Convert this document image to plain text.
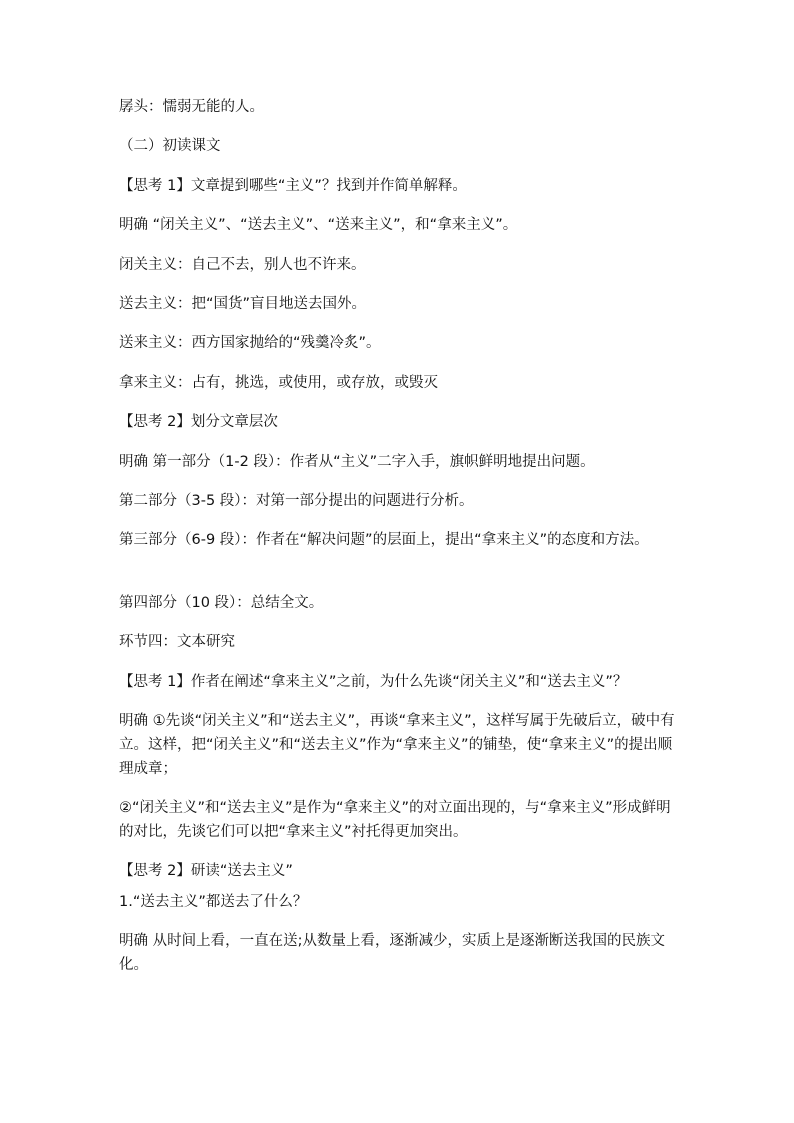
孱头：懦弱无能的人。

（二）初读课文

【思考 1】文章提到哪些“主义”？找到并作简单解释。

明确 “闭关主义”、“送去主义”、“送来主义”，和“拿来主义”。

闭关主义：自己不去，别人也不许来。

送去主义：把“国货”盲目地送去国外。

送来主义：西方国家抛给的“残羹冷炙”。

拿来主义：占有，挑选，或使用，或存放，或毁灭

【思考 2】划分文章层次

明确 第一部分（1-2 段）：作者从“主义”二字入手，旗帜鲜明地提出问题。

第二部分（3-5 段）：对第一部分提出的问题进行分析。

第三部分（6-9 段）：作者在“解决问题”的层面上，提出“拿来主义”的态度和方法。

第四部分（10 段）：总结全文。

环节四：文本研究

【思考 1】作者在阐述“拿来主义”之前，为什么先谈“闭关主义”和“送去主义”？

明确 ①先谈“闭关主义”和“送去主义”，再谈“拿来主义”，这样写属于先破后立，破中有立。这样，把“闭关主义”和“送去主义”作为“拿来主义”的铺垫，使“拿来主义”的提出顺理成章；

②“闭关主义”和“送去主义”是作为“拿来主义”的对立面出现的，与“拿来主义”形成鲜明的对比，先谈它们可以把“拿来主义”衬托得更加突出。

【思考 2】研读“送去主义”

1.“送去主义”都送去了什么？

明确 从时间上看，一直在送;从数量上看，逐渐减少，实质上是逐渐断送我国的民族文化。
